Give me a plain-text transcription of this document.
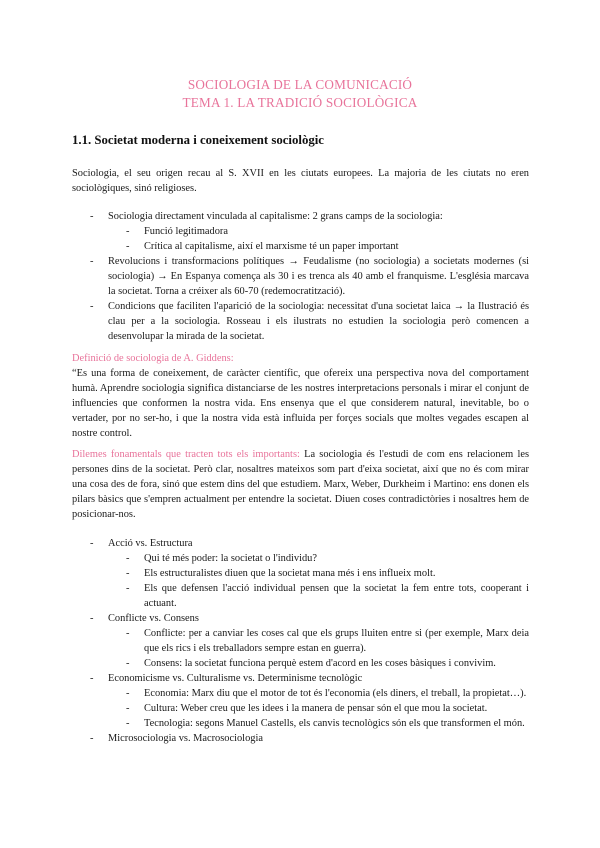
SOCIOLOGIA DE LA COMUNICACIÓ
TEMA 1. LA TRADICIÓ SOCIOLÒGICA
1.1. Societat moderna i coneixement sociològic
Sociologia, el seu origen recau al S. XVII en les ciutats europees. La majoria de les ciutats no eren sociològiques, sinó religioses.
- Sociologia directament vinculada al capitalisme: 2 grans camps de la sociologia:
- Funció legitimadora
- Crítica al capitalisme, així el marxisme té un paper important
- Revolucions i transformacions polítiques → Feudalisme (no sociologia) a societats modernes (si sociologia) → En Espanya comença als 30 i es trenca als 40 amb el franquisme. L'església marcava la societat. Torna a créixer als 60-70 (redemocratització).
- Condicions que faciliten l'aparició de la sociologia: necessitat d'una societat laica → la Ilustració és clau per a la sociologia. Rosseau i els ilustrats no estudien la sociologia però comencen a desenvolupar la mirada de la societat.
Definició de sociologia de A. Giddens:
“Es una forma de coneixement, de caràcter científic, que ofereix una perspectiva nova del comportament humà. Aprendre sociologia significa distanciarse de les nostres interpretacions personals i mirar el conjunt de influencies que conformen la nostra vida. Ens ensenya que el que considerem natural, inevitable, bo o vertader, por no ser-ho, i que la nostra vida està influida per forçes socials que moltes vegades escapen al nostre control.
Dilemes fonamentals que tracten tots els importants: La sociologia és l'estudi de com ens relacionem les persones dins de la societat. Però clar, nosaltres mateixos som part d'eixa societat, així que no és com mirar una cosa des de fora, sinó que estem dins del que estudiem. Marx, Weber, Durkheim i Martino: ens donen els pilars bàsics que s'empren actualment per entendre la societat. Diuen coses contradictòries i nosaltres hem de posicionar-nos.
- Acció vs. Estructura
- Qui té més poder: la societat o l'individu?
- Els estructuralistes diuen que la societat mana més i ens influeix molt.
- Els que defensen l'acció individual pensen que la societat la fem entre tots, cooperant i actuant.
- Conflicte vs. Consens
- Conflicte: per a canviar les coses cal que els grups lluiten entre si (per exemple, Marx deia que els rics i els treballadors sempre estan en guerra).
- Consens: la societat funciona perquè estem d'acord en les coses bàsiques i convivim.
- Economicisme vs. Culturalisme vs. Determinisme tecnològic
- Economia: Marx diu que el motor de tot és l'economia (els diners, el treball, la propietat…).
- Cultura: Weber creu que les idees i la manera de pensar són el que mou la societat.
- Tecnologia: segons Manuel Castells, els canvis tecnològics són els que transformen el món.
- Microsociologia vs. Macrosociologia
